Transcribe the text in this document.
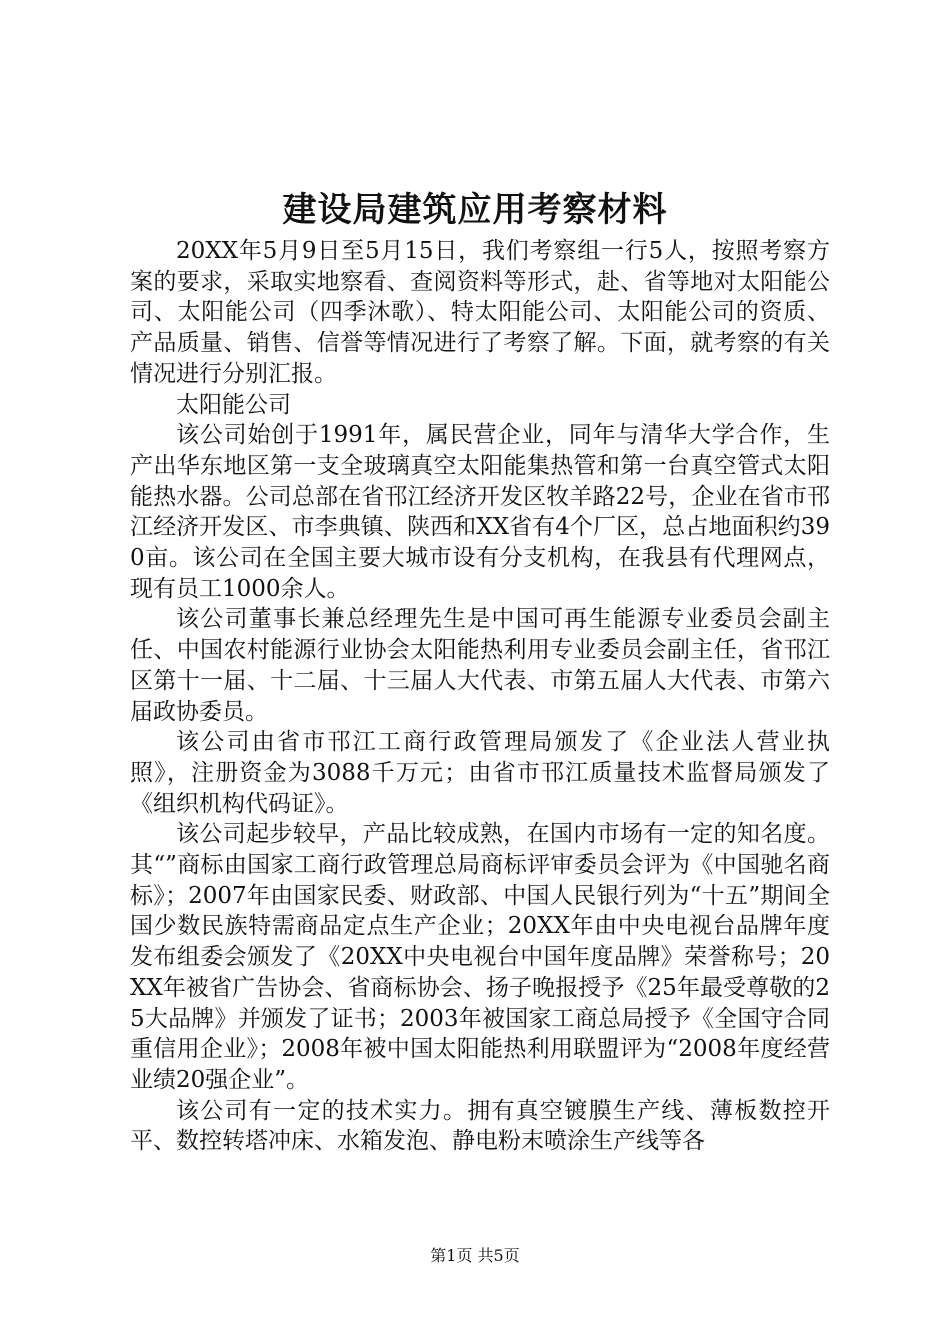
建设局建筑应用考察材料

20XX年5月9日至5月15日，我们考察组一行5人，按照考察方案的要求，采取实地察看、查阅资料等形式，赴、省等地对太阳能公司、太阳能公司（四季沐歌）、特太阳能公司、太阳能公司的资质、产品质量、销售、信誉等情况进行了考察了解。下面，就考察的有关情况进行分别汇报。

太阳能公司

该公司始创于1991年，属民营企业，同年与清华大学合作，生产出华东地区第一支全玻璃真空太阳能集热管和第一台真空管式太阳能热水器。公司总部在省邗江经济开发区牧羊路22号，企业在省市邗江经济开发区、市李典镇、陕西和XX省有4个厂区，总占地面积约390亩。该公司在全国主要大城市设有分支机构，在我县有代理网点，现有员工1000余人。

该公司董事长兼总经理先生是中国可再生能源专业委员会副主任、中国农村能源行业协会太阳能热利用专业委员会副主任，省邗江区第十一届、十二届、十三届人大代表、市第五届人大代表、市第六届政协委员。

该公司由省市邗江工商行政管理局颁发了《企业法人营业执照》，注册资金为3088千万元；由省市邗江质量技术监督局颁发了《组织机构代码证》。

该公司起步较早，产品比较成熟，在国内市场有一定的知名度。其“”商标由国家工商行政管理总局商标评审委员会评为《中国驰名商标》；2007年由国家民委、财政部、中国人民银行列为“十五”期间全国少数民族特需商品定点生产企业；20XX年由中央电视台品牌年度发布组委会颁发了《20XX中央电视台中国年度品牌》荣誉称号；20XX年被省广告协会、省商标协会、扬子晚报授予《25年最受尊敬的25大品牌》并颁发了证书；2003年被国家工商总局授予《全国守合同重信用企业》；2008年被中国太阳能热利用联盟评为“2008年度经营业绩20强企业”。

该公司有一定的技术实力。拥有真空镀膜生产线、薄板数控开平、数控转塔冲床、水箱发泡、静电粉末喷涂生产线等各

第1页 共5页
